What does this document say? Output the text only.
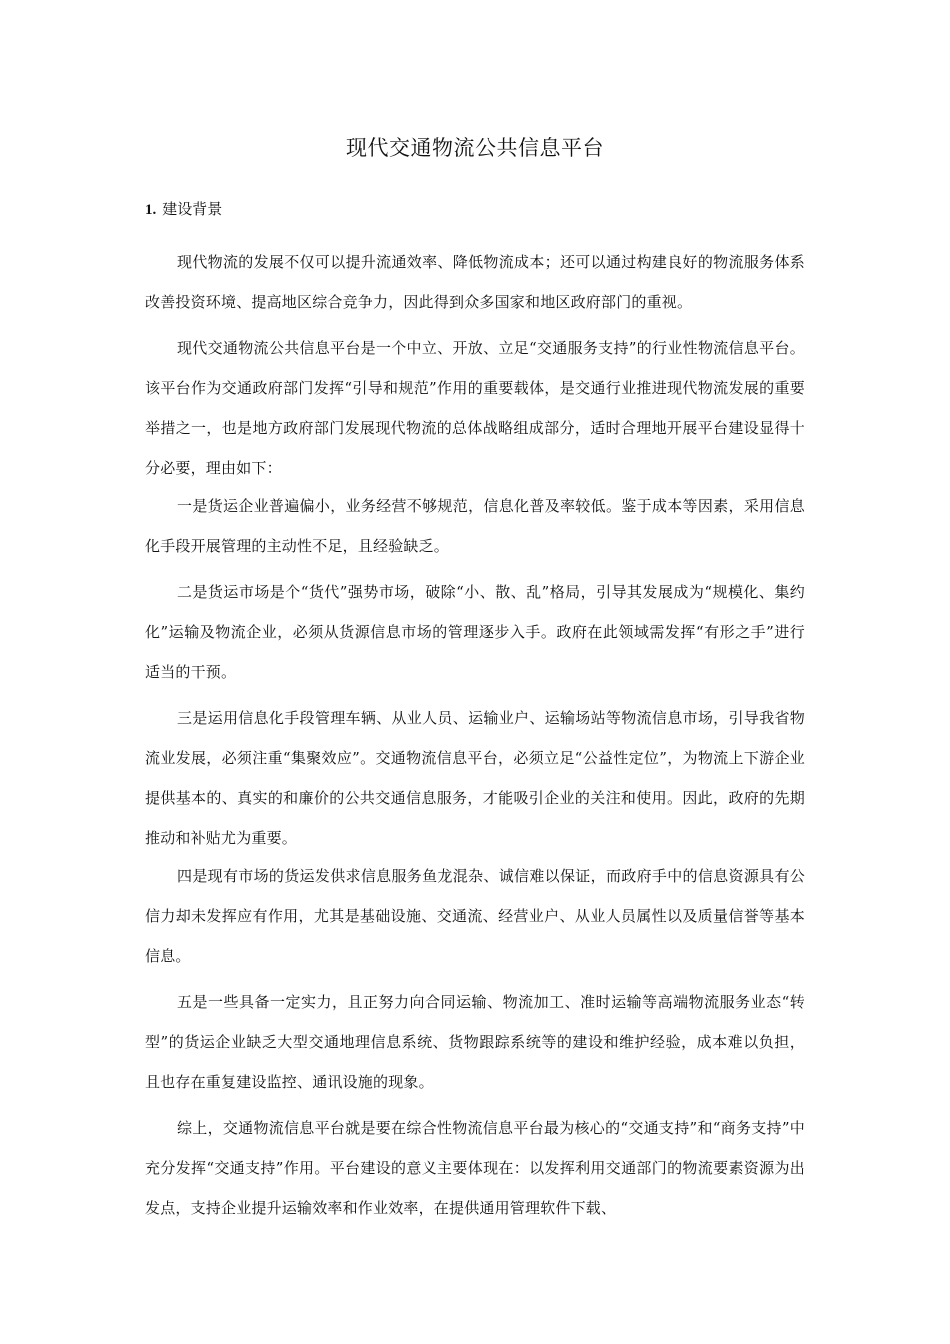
现代交通物流公共信息平台
1. 建设背景

现代物流的发展不仅可以提升流通效率、降低物流成本；还可以通过构建良好的物流服务体系改善投资环境、提高地区综合竞争力，因此得到众多国家和地区政府部门的重视。

现代交通物流公共信息平台是一个中立、开放、立足“交通服务支持”的行业性物流信息平台。该平台作为交通政府部门发挥“引导和规范”作用的重要载体，是交通行业推进现代物流发展的重要举措之一，也是地方政府部门发展现代物流的总体战略组成部分，适时合理地开展平台建设显得十分必要，理由如下：

一是货运企业普遍偏小，业务经营不够规范，信息化普及率较低。鉴于成本等因素，采用信息化手段开展管理的主动性不足，且经验缺乏。

二是货运市场是个“货代”强势市场，破除“小、散、乱”格局，引导其发展成为“规模化、集约化”运输及物流企业，必须从货源信息市场的管理逐步入手。政府在此领域需发挥“有形之手”进行适当的干预。

三是运用信息化手段管理车辆、从业人员、运输业户、运输场站等物流信息市场，引导我省物流业发展，必须注重“集聚效应”。交通物流信息平台，必须立足“公益性定位”，为物流上下游企业提供基本的、真实的和廉价的公共交通信息服务，才能吸引企业的关注和使用。因此，政府的先期推动和补贴尤为重要。

四是现有市场的货运发供求信息服务鱼龙混杂、诚信难以保证，而政府手中的信息资源具有公信力却未发挥应有作用，尤其是基础设施、交通流、经营业户、从业人员属性以及质量信誉等基本信息。

五是一些具备一定实力，且正努力向合同运输、物流加工、准时运输等高端物流服务业态“转型”的货运企业缺乏大型交通地理信息系统、货物跟踪系统等的建设和维护经验，成本难以负担，且也存在重复建设监控、通讯设施的现象。

综上，交通物流信息平台就是要在综合性物流信息平台最为核心的“交通支持”和“商务支持”中充分发挥“交通支持”作用。平台建设的意义主要体现在：以发挥利用交通部门的物流要素资源为出发点，支持企业提升运输效率和作业效率，在提供通用管理软件下载、
